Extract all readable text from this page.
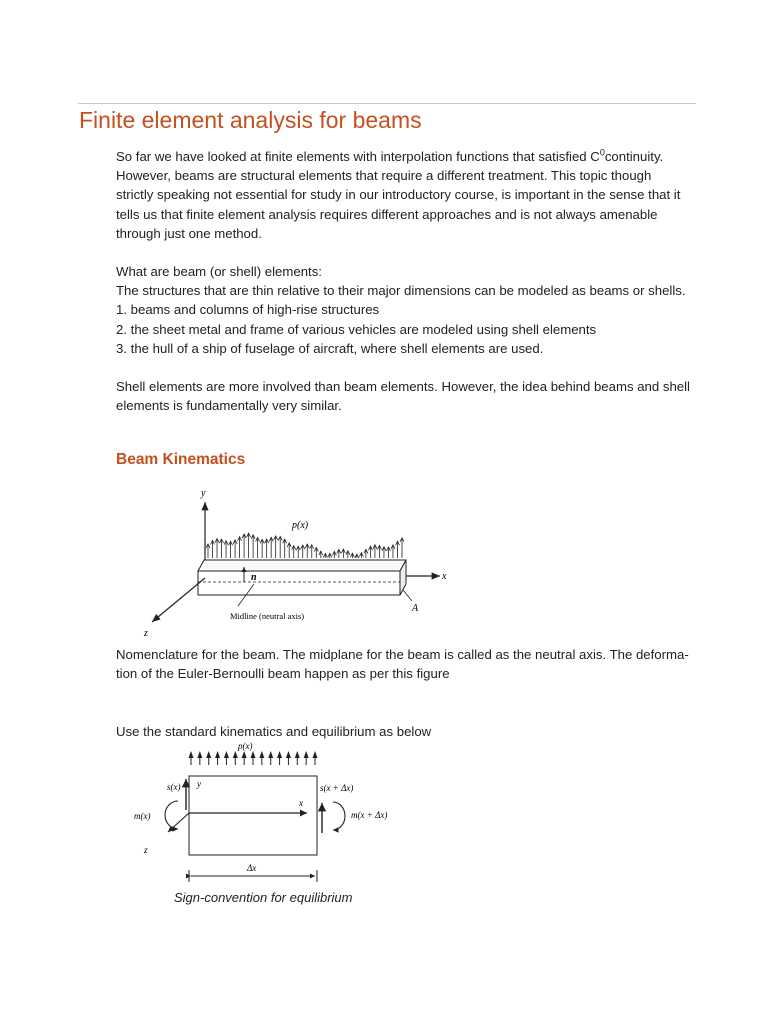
Finite element analysis for beams
So far we have looked at finite elements with interpolation functions that satisfied $C^0continuity$.
However, beams are structural elements that require a different treatment. This topic though
strictly speaking not essential for study in our introductory course, is important in the sense that it
tells us that finite element analysis requires different approaches and is not always amenable
through just one method.
What are beam (or shell) elements:
The structures that are thin relative to their major dimensions can be modeled as beams or shells.
1. beams and columns of high-rise structures
2. the sheet metal and frame of various vehicles are modeled using shell elements
3. the hull of a ship of fuselage of aircraft, where shell elements are used.
Shell elements are more involved than beam elements. However, the idea behind beams and shell
elements is fundamentally very similar.
Beam Kinematics
y
p(x)
n	x
A
z
Midline (neutral axis)
Nomenclature for the beam. The midplane for the beam is called as the neutral axis. The deforma-
tion of the Euler-Bernoulli beam happen as per this figure
Use the standard kinematics and equilibrium as below
p(x)
s(x) y	s(x + Δx)
x
m(x)
z
m(x + Δx)
Δx
Sign-convention for equilibrium
